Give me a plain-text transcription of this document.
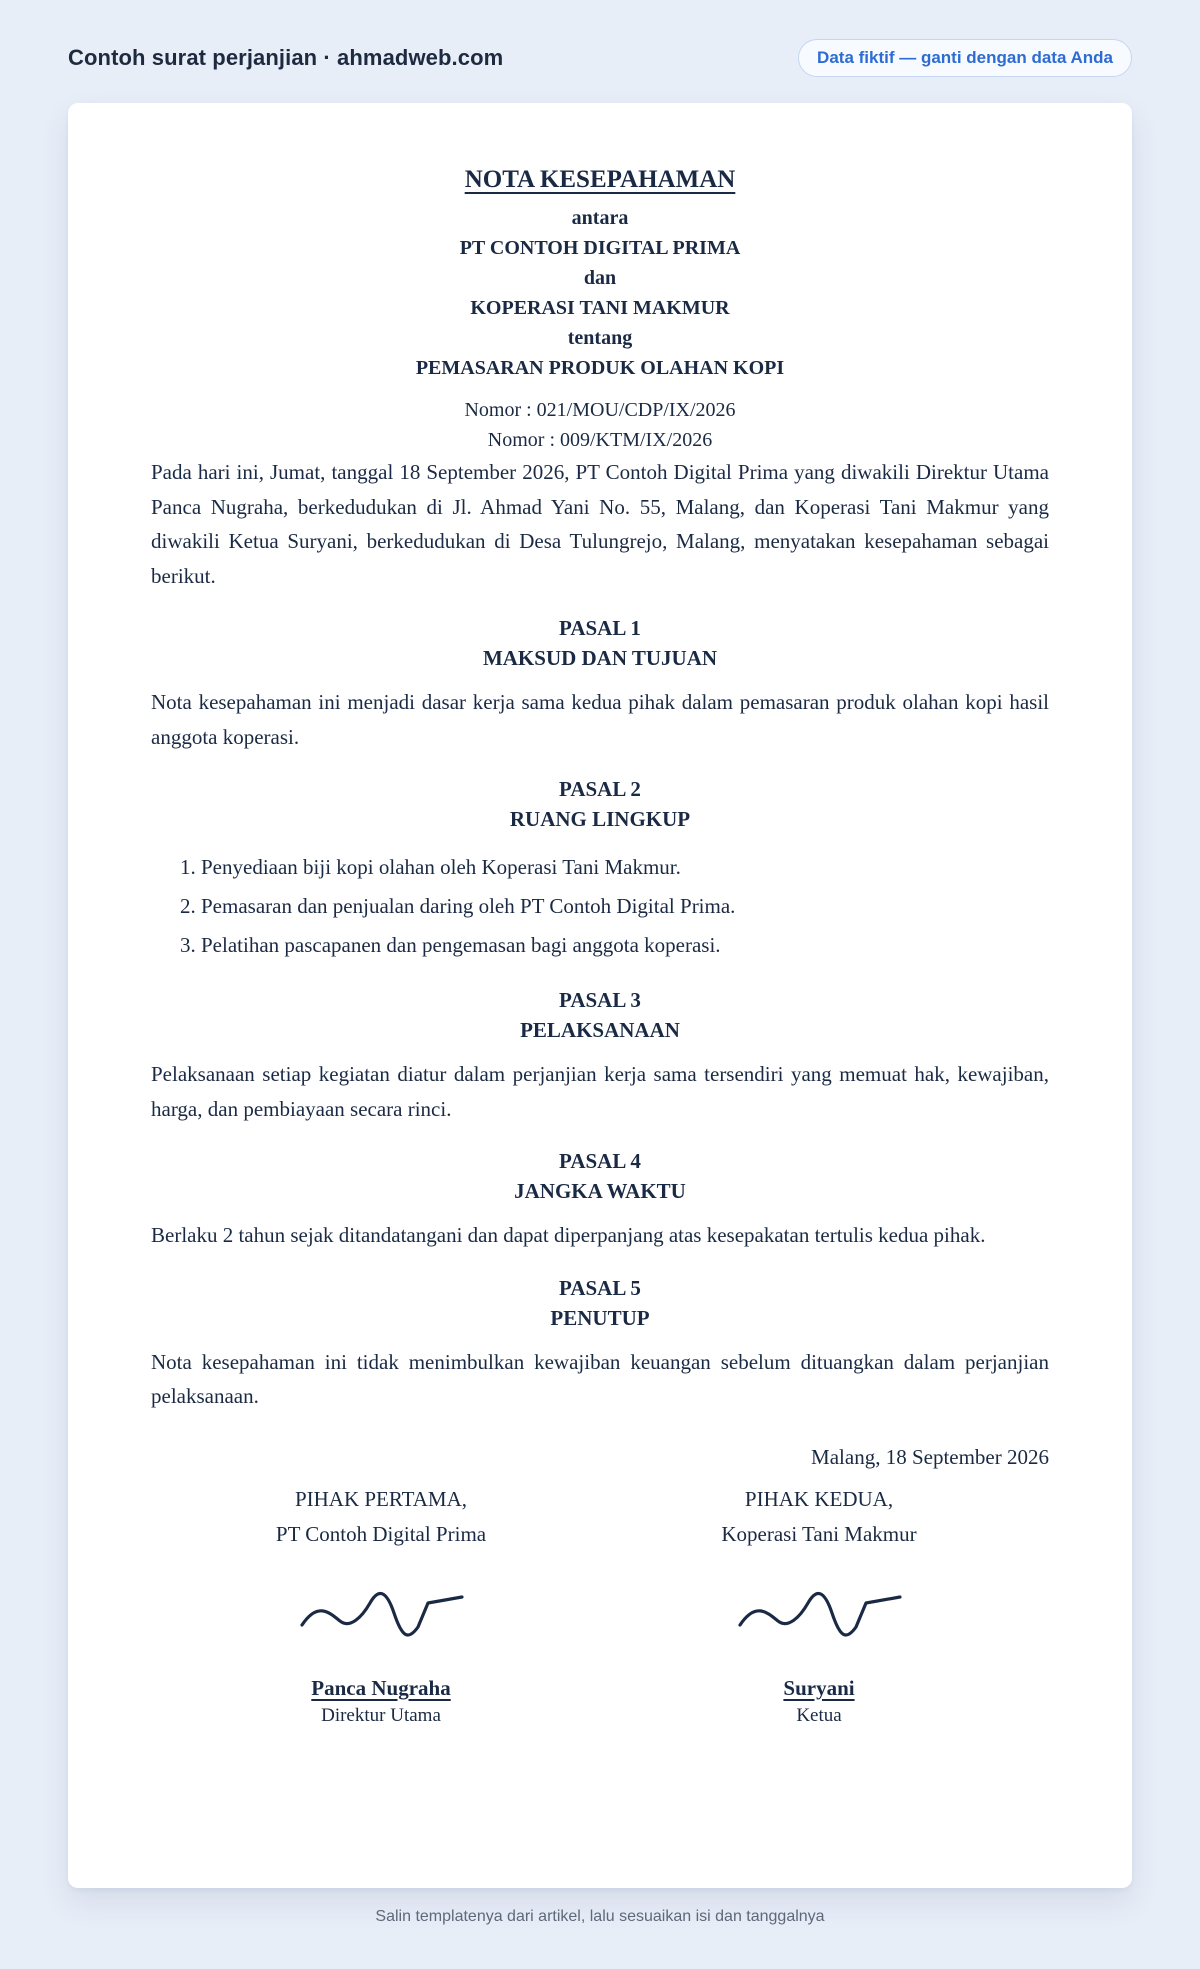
Contoh surat perjanjian · ahmadweb.com	Data fiktif — ganti dengan data Anda
NOTA KESEPAHAMAN
antara
PT CONTOH DIGITAL PRIMA
dan
KOPERASI TANI MAKMUR
tentang
PEMASARAN PRODUK OLAHAN KOPI
Nomor : 021/MOU/CDP/IX/2026
Nomor : 009/KTM/IX/2026

Pada hari ini, Jumat, tanggal 18 September 2026, PT Contoh Digital Prima yang diwakili Direktur Utama Panca Nugraha, berkedudukan di Jl. Ahmad Yani No. 55, Malang, dan Koperasi Tani Makmur yang diwakili Ketua Suryani, berkedudukan di Desa Tulungrejo, Malang, menyatakan kesepahaman sebagai berikut.

PASAL 1
MAKSUD DAN TUJUAN

Nota kesepahaman ini menjadi dasar kerja sama kedua pihak dalam pemasaran produk olahan kopi hasil anggota koperasi.

PASAL 2
RUANG LINGKUP
1. Penyediaan biji kopi olahan oleh Koperasi Tani Makmur.
2. Pemasaran dan penjualan daring oleh PT Contoh Digital Prima.
3. Pelatihan pascapanen dan pengemasan bagi anggota koperasi.
PASAL 3
PELAKSANAAN

Pelaksanaan setiap kegiatan diatur dalam perjanjian kerja sama tersendiri yang memuat hak, kewajiban, harga, dan pembiayaan secara rinci.

PASAL 4
JANGKA WAKTU

Berlaku 2 tahun sejak ditandatangani dan dapat diperpanjang atas kesepakatan tertulis kedua pihak.

PASAL 5
PENUTUP

Nota kesepahaman ini tidak menimbulkan kewajiban keuangan sebelum dituangkan dalam perjanjian pelaksanaan.

Malang, 18 September 2026
PIHAK PERTAMA,
PT Contoh Digital Prima
Panca Nugraha
Direktur Utama
PIHAK KEDUA,
Koperasi Tani Makmur
Suryani
Ketua
Salin templatenya dari artikel, lalu sesuaikan isi dan tanggalnya
